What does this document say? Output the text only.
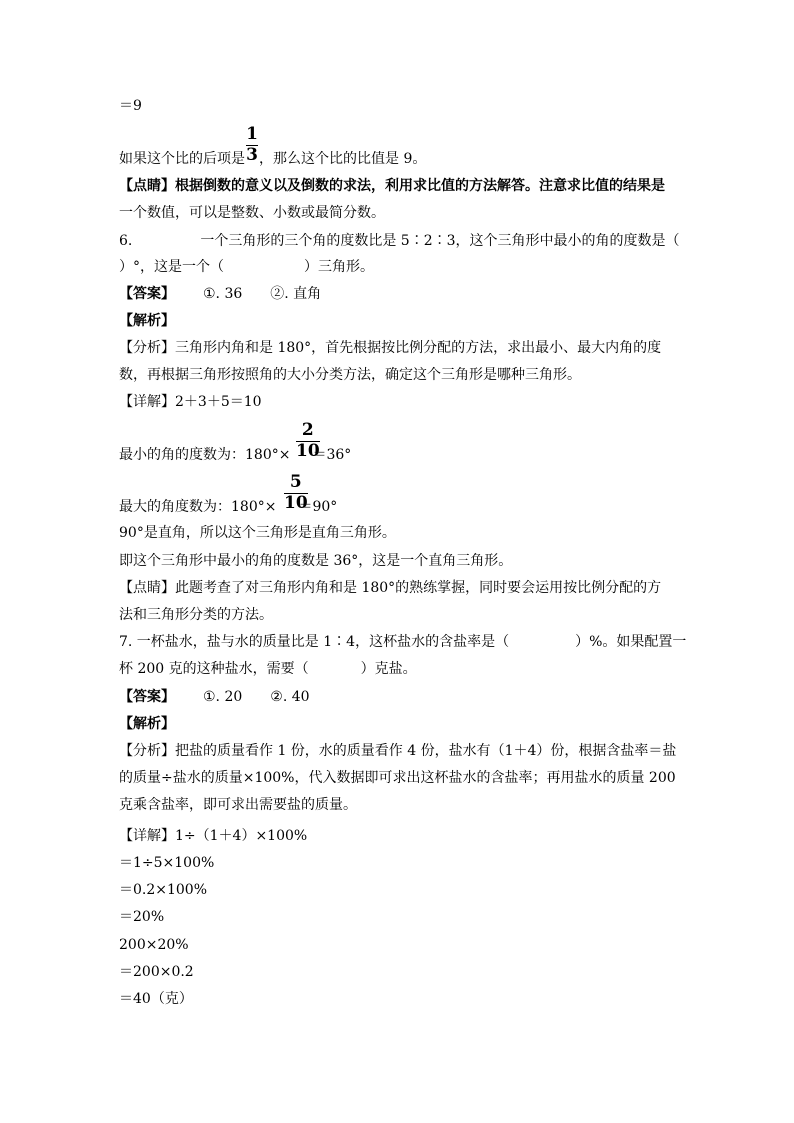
＝9
1
3
如果这个比的后项是 ，那么这个比的比值是 9。
【点睛】根据倒数的意义以及倒数的求法，利用求比值的方法解答。注意求比值的结果是
一个数值，可以是整数、小数或最简分数。
6.	一个三角形的三个角的度数比是 5∶2∶3，这个三角形中最小的角的度数是（
）°，这是一个（	）三角形。
【答案】 ①. 36 ②. 直角
【解析】
【分析】三角形内角和是 180°，首先根据按比例分配的方法，求出最小、最大内角的度
数，再根据三角形按照角的大小分类方法，确定这个三角形是哪种三角形。
【详解】2＋3＋5＝10
2
10
最小的角的度数为：180°× ＝36°
5
10
最大的角度数为：180°× ＝90°
90°是直角，所以这个三角形是直角三角形。
即这个三角形中最小的角的度数是 36°，这是一个直角三角形。
【点睛】此题考查了对三角形内角和是 180°的熟练掌握，同时要会运用按比例分配的方
法和三角形分类的方法。
7. 一杯盐水，盐与水的质量比是 1∶4，这杯盐水的含盐率是（	）%。如果配置一
杯 200 克的这种盐水，需要（	）克盐。
【答案】 ①. 20 ②. 40
【解析】
【分析】把盐的质量看作 1 份，水的质量看作 4 份，盐水有（1＋4）份，根据含盐率＝盐
的质量÷盐水的质量×100%，代入数据即可求出这杯盐水的含盐率；再用盐水的质量 200
克乘含盐率，即可求出需要盐的质量。
【详解】1÷（1＋4）×100%
＝1÷5×100%
＝0.2×100%
＝20%
200×20%
＝200×0.2
＝40（克）
